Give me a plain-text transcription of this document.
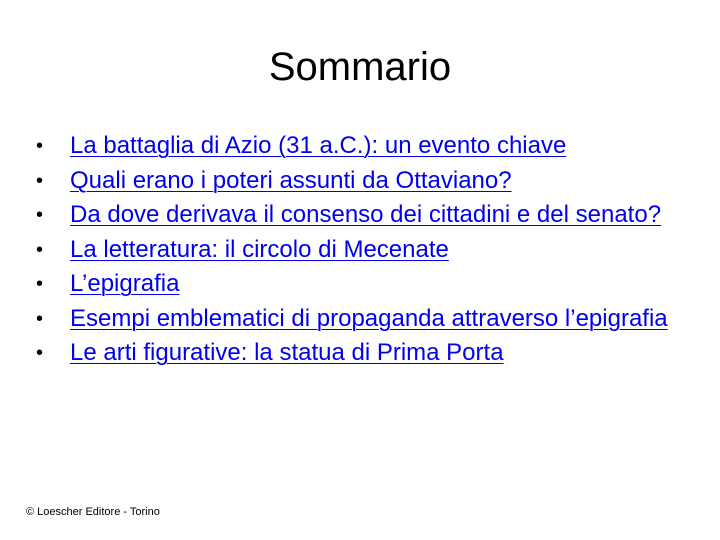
Sommario
•	La battaglia di Azio (31 a.C.): un evento chiave
•	Quali erano i poteri assunti da Ottaviano?
•	Da dove derivava il consenso dei cittadini e del senato?
•	La letteratura: il circolo di Mecenate
•	L’epigrafia
•	Esempi emblematici di propaganda attraverso l’epigrafia
•	Le arti figurative: la statua di Prima Porta
© Loescher Editore - Torino
